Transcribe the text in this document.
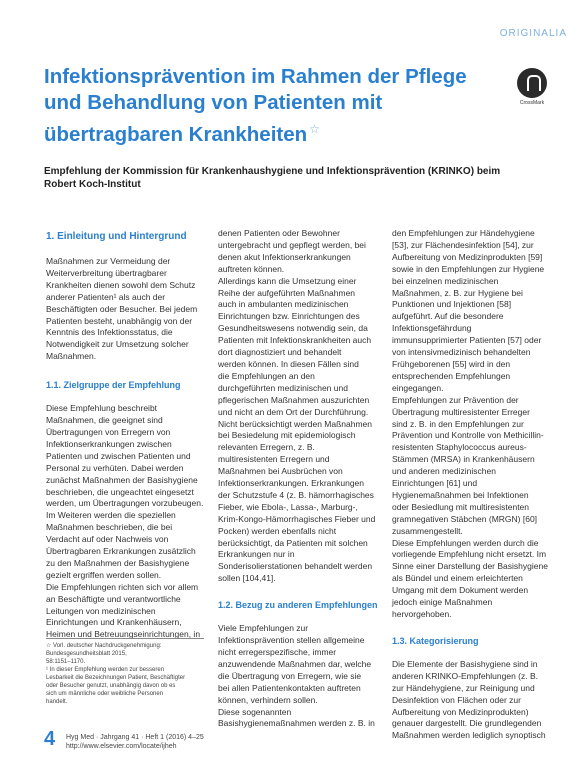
ORIGINALIA
Infektionsprävention im Rahmen der Pflege
und Behandlung von Patienten mit
übertragbaren Krankheiten ☆
CrossMark
Empfehlung der Kommission für Krankenhaushygiene und Infektionsprävention (KRINKO) beim
Robert Koch-Institut
1. Einleitung und Hintergrund
Maßnahmen zur Vermeidung der
Weiterverbreitung übertragbarer
Krankheiten dienen sowohl dem Schutz
anderer Patienten¹ als auch der
Beschäftigten oder Besucher. Bei jedem
Patienten besteht, unabhängig von der
Kenntnis des Infektionsstatus, die
Notwendigkeit zur Umsetzung solcher
Maßnahmen.
1.1. Zielgruppe der Empfehlung
Diese Empfehlung beschreibt
Maßnahmen, die geeignet sind
Übertragungen von Erregern von
Infektionserkrankungen zwischen
Patienten und zwischen Patienten und
Personal zu verhüten. Dabei werden
zunächst Maßnahmen der Basishygiene
beschrieben, die ungeachtet eingesetzt
werden, um Übertragungen vorzubeugen.
Im Weiteren werden die speziellen
Maßnahmen beschrieben, die bei
Verdacht auf oder Nachweis von
Übertragbaren Erkrankungen zusätzlich
zu den Maßnahmen der Basishygiene
gezielt ergriffen werden sollen.
Die Empfehlungen richten sich vor allem
an Beschäftigte und verantwortliche
Leitungen von medizinischen
Einrichtungen und Krankenhäusern,
Heimen und Betreuungseinrichtungen, in
denen Patienten oder Bewohner
untergebracht und gepflegt werden, bei
denen akut Infektionserkrankungen
auftreten können.
Allerdings kann die Umsetzung einer
Reihe der aufgeführten Maßnahmen
auch in ambulanten medizinischen
Einrichtungen bzw. Einrichtungen des
Gesundheitswesens notwendig sein, da
Patienten mit Infektionskrankheiten auch
dort diagnostiziert und behandelt
werden können. In diesen Fällen sind
die Empfehlungen an den
durchgeführten medizinischen und
pflegerischen Maßnahmen auszurichten
und nicht an dem Ort der Durchführung.
Nicht berücksichtigt werden Maßnahmen
bei Besiedelung mit epidemiologisch
relevanten Erregern, z. B.
multiresistenten Erregern und
Maßnahmen bei Ausbrüchen von
Infektionserkrankungen. Erkrankungen
der Schutzstufe 4 (z. B. hämorrhagisches
Fieber, wie Ebola-, Lassa-, Marburg-,
Krim-Kongo-Hämorrhagisches Fieber und
Pocken) werden ebenfalls nicht
berücksichtigt, da Patienten mit solchen
Erkrankungen nur in
Sonderisolierstationen behandelt werden
sollen [104,41].
1.2. Bezug zu anderen Empfehlungen
Viele Empfehlungen zur
Infektionsprävention stellen allgemeine
nicht erregerspezifische, immer
anzuwendende Maßnahmen dar, welche
die Übertragung von Erregern, wie sie
bei allen Patientenkontakten auftreten
können, verhindern sollen.
Diese sogenannten
Basishygienemaßnahmen werden z. B. in
den Empfehlungen zur Händehygiene
[53], zur Flächendesinfektion [54], zur
Aufbereitung von Medizinprodukten [59]
sowie in den Empfehlungen zur Hygiene
bei einzelnen medizinischen
Maßnahmen, z. B. zur Hygiene bei
Punktionen und Injektionen [58]
aufgeführt. Auf die besondere
Infektionsgefährdung
immunsupprimierter Patienten [57] oder
von intensivmedizinisch behandelten
Frühgeborenen [55] wird in den
entsprechenden Empfehlungen
eingegangen.
Empfehlungen zur Prävention der
Übertragung multiresistenter Erreger
sind z. B. in den Empfehlungen zur
Prävention und Kontrolle von Methicillin-
resistenten Staphylococcus aureus-
Stämmen (MRSA) in Krankenhäusern
und anderen medizinischen
Einrichtungen [61] und
Hygienemaßnahmen bei Infektionen
oder Besiedlung mit multiresistenten
gramnegativen Stäbchen (MRGN) [60]
zusammengestellt.
Diese Empfehlungen werden durch die
vorliegende Empfehlung nicht ersetzt. Im
Sinne einer Darstellung der Basishygiene
als Bündel und einem erleichterten
Umgang mit dem Dokument werden
jedoch einige Maßnahmen
hervorgehoben.
1.3. Kategorisierung
Die Elemente der Basishygiene sind in
anderen KRINKO-Empfehlungen (z. B.
zur Händehygiene, zur Reinigung und
Desinfektion von Flächen oder zur
Aufbereitung von Medizinprodukten)
genauer dargestellt. Die grundlegenden
Maßnahmen werden lediglich synoptisch
☆ Vorl. deutscher Nachdruckgenehmigung:
Bundesgesundheitsblatt 2015,
58:1151–1170.
¹ In dieser Empfehlung werden zur besseren
Lesbarkeit die Bezeichnungen Patient, Beschäftigter
oder Besucher genutzt, unabhängig davon ob es
sich um männliche oder weibliche Personen
handelt.
4 Hyg Med · Jahrgang 41 · Heft 1 (2016) 4–25
http://www.elsevier.com/locate/ijheh
